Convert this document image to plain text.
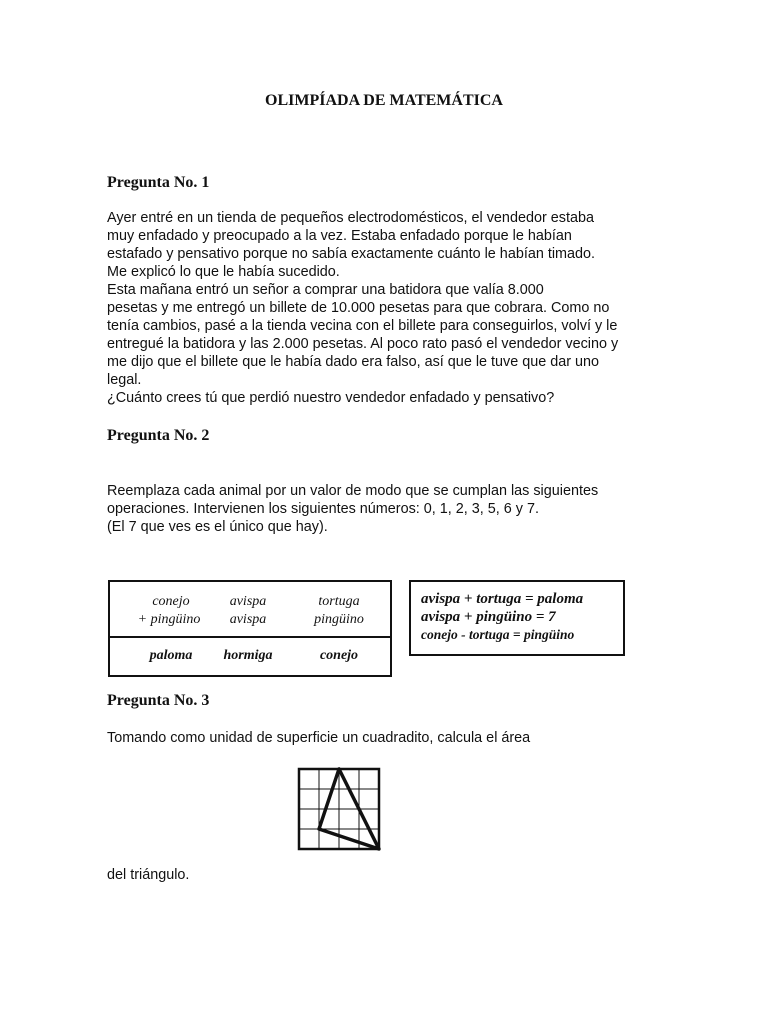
OLIMPÍADA DE MATEMÁTICA
Pregunta No. 1
Ayer entré en un tienda de pequeños electrodomésticos, el vendedor estaba
muy enfadado y preocupado a la vez. Estaba enfadado porque le habían
estafado y pensativo porque no sabía exactamente cuánto le habían timado.
Me explicó lo que le había sucedido.
Esta mañana entró un señor a comprar una batidora que valía 8.000
pesetas y me entregó un billete de 10.000 pesetas para que cobrara. Como no
tenía cambios, pasé a la tienda vecina con el billete para conseguirlos, volví y le
entregué la batidora y las 2.000 pesetas. Al poco rato pasó el vendedor vecino y
me dijo que el billete que le había dado era falso, así que le tuve que dar uno
legal.
¿Cuánto crees tú que perdió nuestro vendedor enfadado y pensativo?
Pregunta No. 2
Reemplaza cada animal por un valor de modo que se cumplan las siguientes
operaciones. Intervienen los siguientes números: 0, 1, 2, 3, 5, 6 y 7.
(El 7 que ves es el único que hay).
conejo	avispa	tortuga
+ pingüino	avispa	pingüino
paloma	hormiga	conejo
avispa + tortuga = paloma
avispa + pingüino = 7
conejo - tortuga = pingüino
Pregunta No. 3
Tomando como unidad de superficie un cuadradito, calcula el área
del triángulo.
